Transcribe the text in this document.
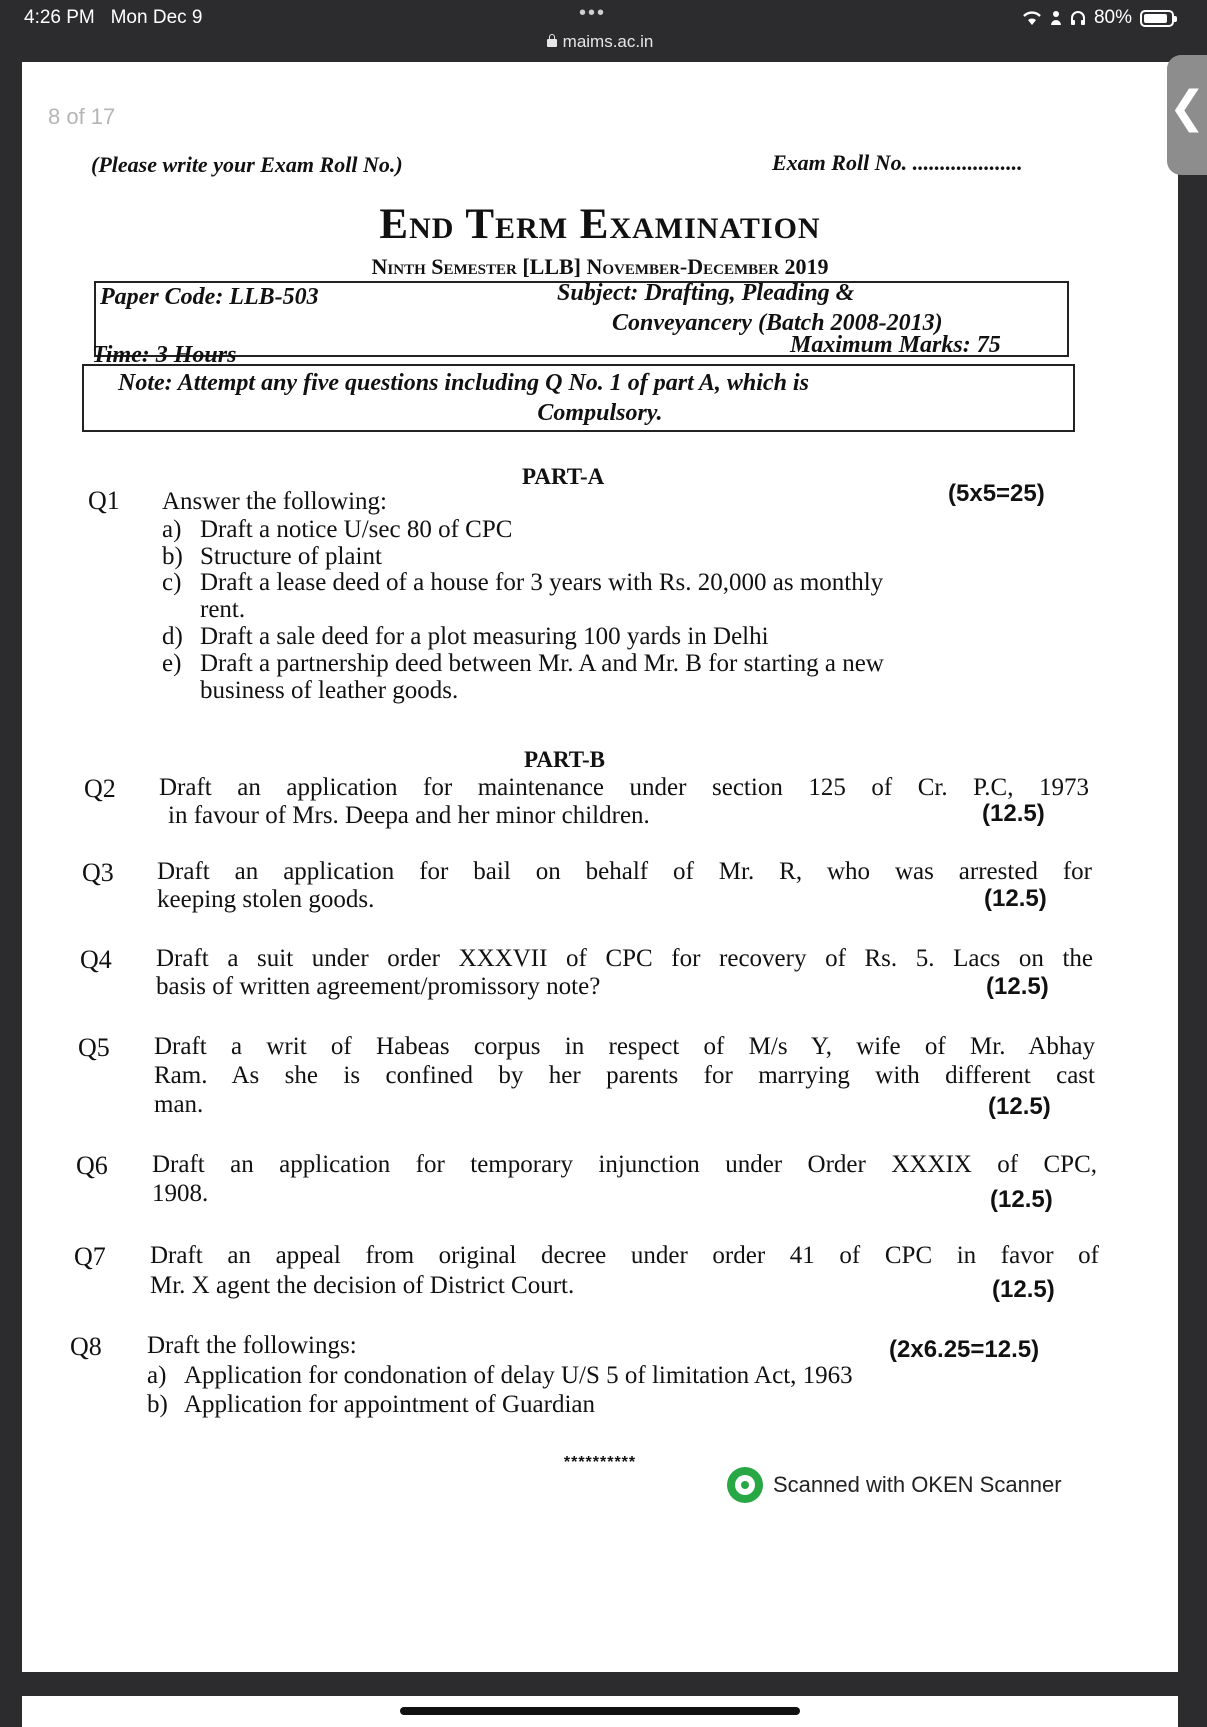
4:26 PM Mon Dec 9	•••
maims.ac.in
80%
8 of 17
(Please write your Exam Roll No.)	Exam Roll No. ....................
End Term Examination
Ninth Semester [LLB] November-December 2019
Paper Code: LLB-503	Subject: Drafting, Pleading &
Conveyancery (Batch 2008-2013)
Time: 3 Hours	Maximum Marks: 75
Note: Attempt any five questions including Q No. 1 of part A, which is
Compulsory.
PART-A
Q1 Answer the following:	(5x5=25)
a) Draft a notice U/sec 80 of CPC
b) Structure of plaint
c) Draft a lease deed of a house for 3 years with Rs. 20,000 as monthly
rent.
d) Draft a sale deed for a plot measuring 100 yards in Delhi
e) Draft a partnership deed between Mr. A and Mr. B for starting a new
business of leather goods.
PART-B
Q2 Draft an application for maintenance under section 125 of Cr. P.C, 1973
in favour of Mrs. Deepa and her minor children.	(12.5)
Q3 Draft an application for bail on behalf of Mr. R, who was arrested for
keeping stolen goods.	(12.5)
Q4 Draft a suit under order XXXVII of CPC for recovery of Rs. 5. Lacs on the
basis of written agreement/promissory note?	(12.5)
Q5 Draft a writ of Habeas corpus in respect of M/s Y, wife of Mr. Abhay
Ram. As she is confined by her parents for marrying with different cast
man.	(12.5)
Q6 Draft an application for temporary injunction under Order XXXIX of CPC,
1908.	(12.5)
Q7 Draft an appeal from original decree under order 41 of CPC in favor of
Mr. X agent the decision of District Court.	(12.5)
Q8 Draft the followings:	(2x6.25=12.5)
a) Application for condonation of delay U/S 5 of limitation Act, 1963
b) Application for appointment of Guardian
**********
Scanned with OKEN Scanner
❮
